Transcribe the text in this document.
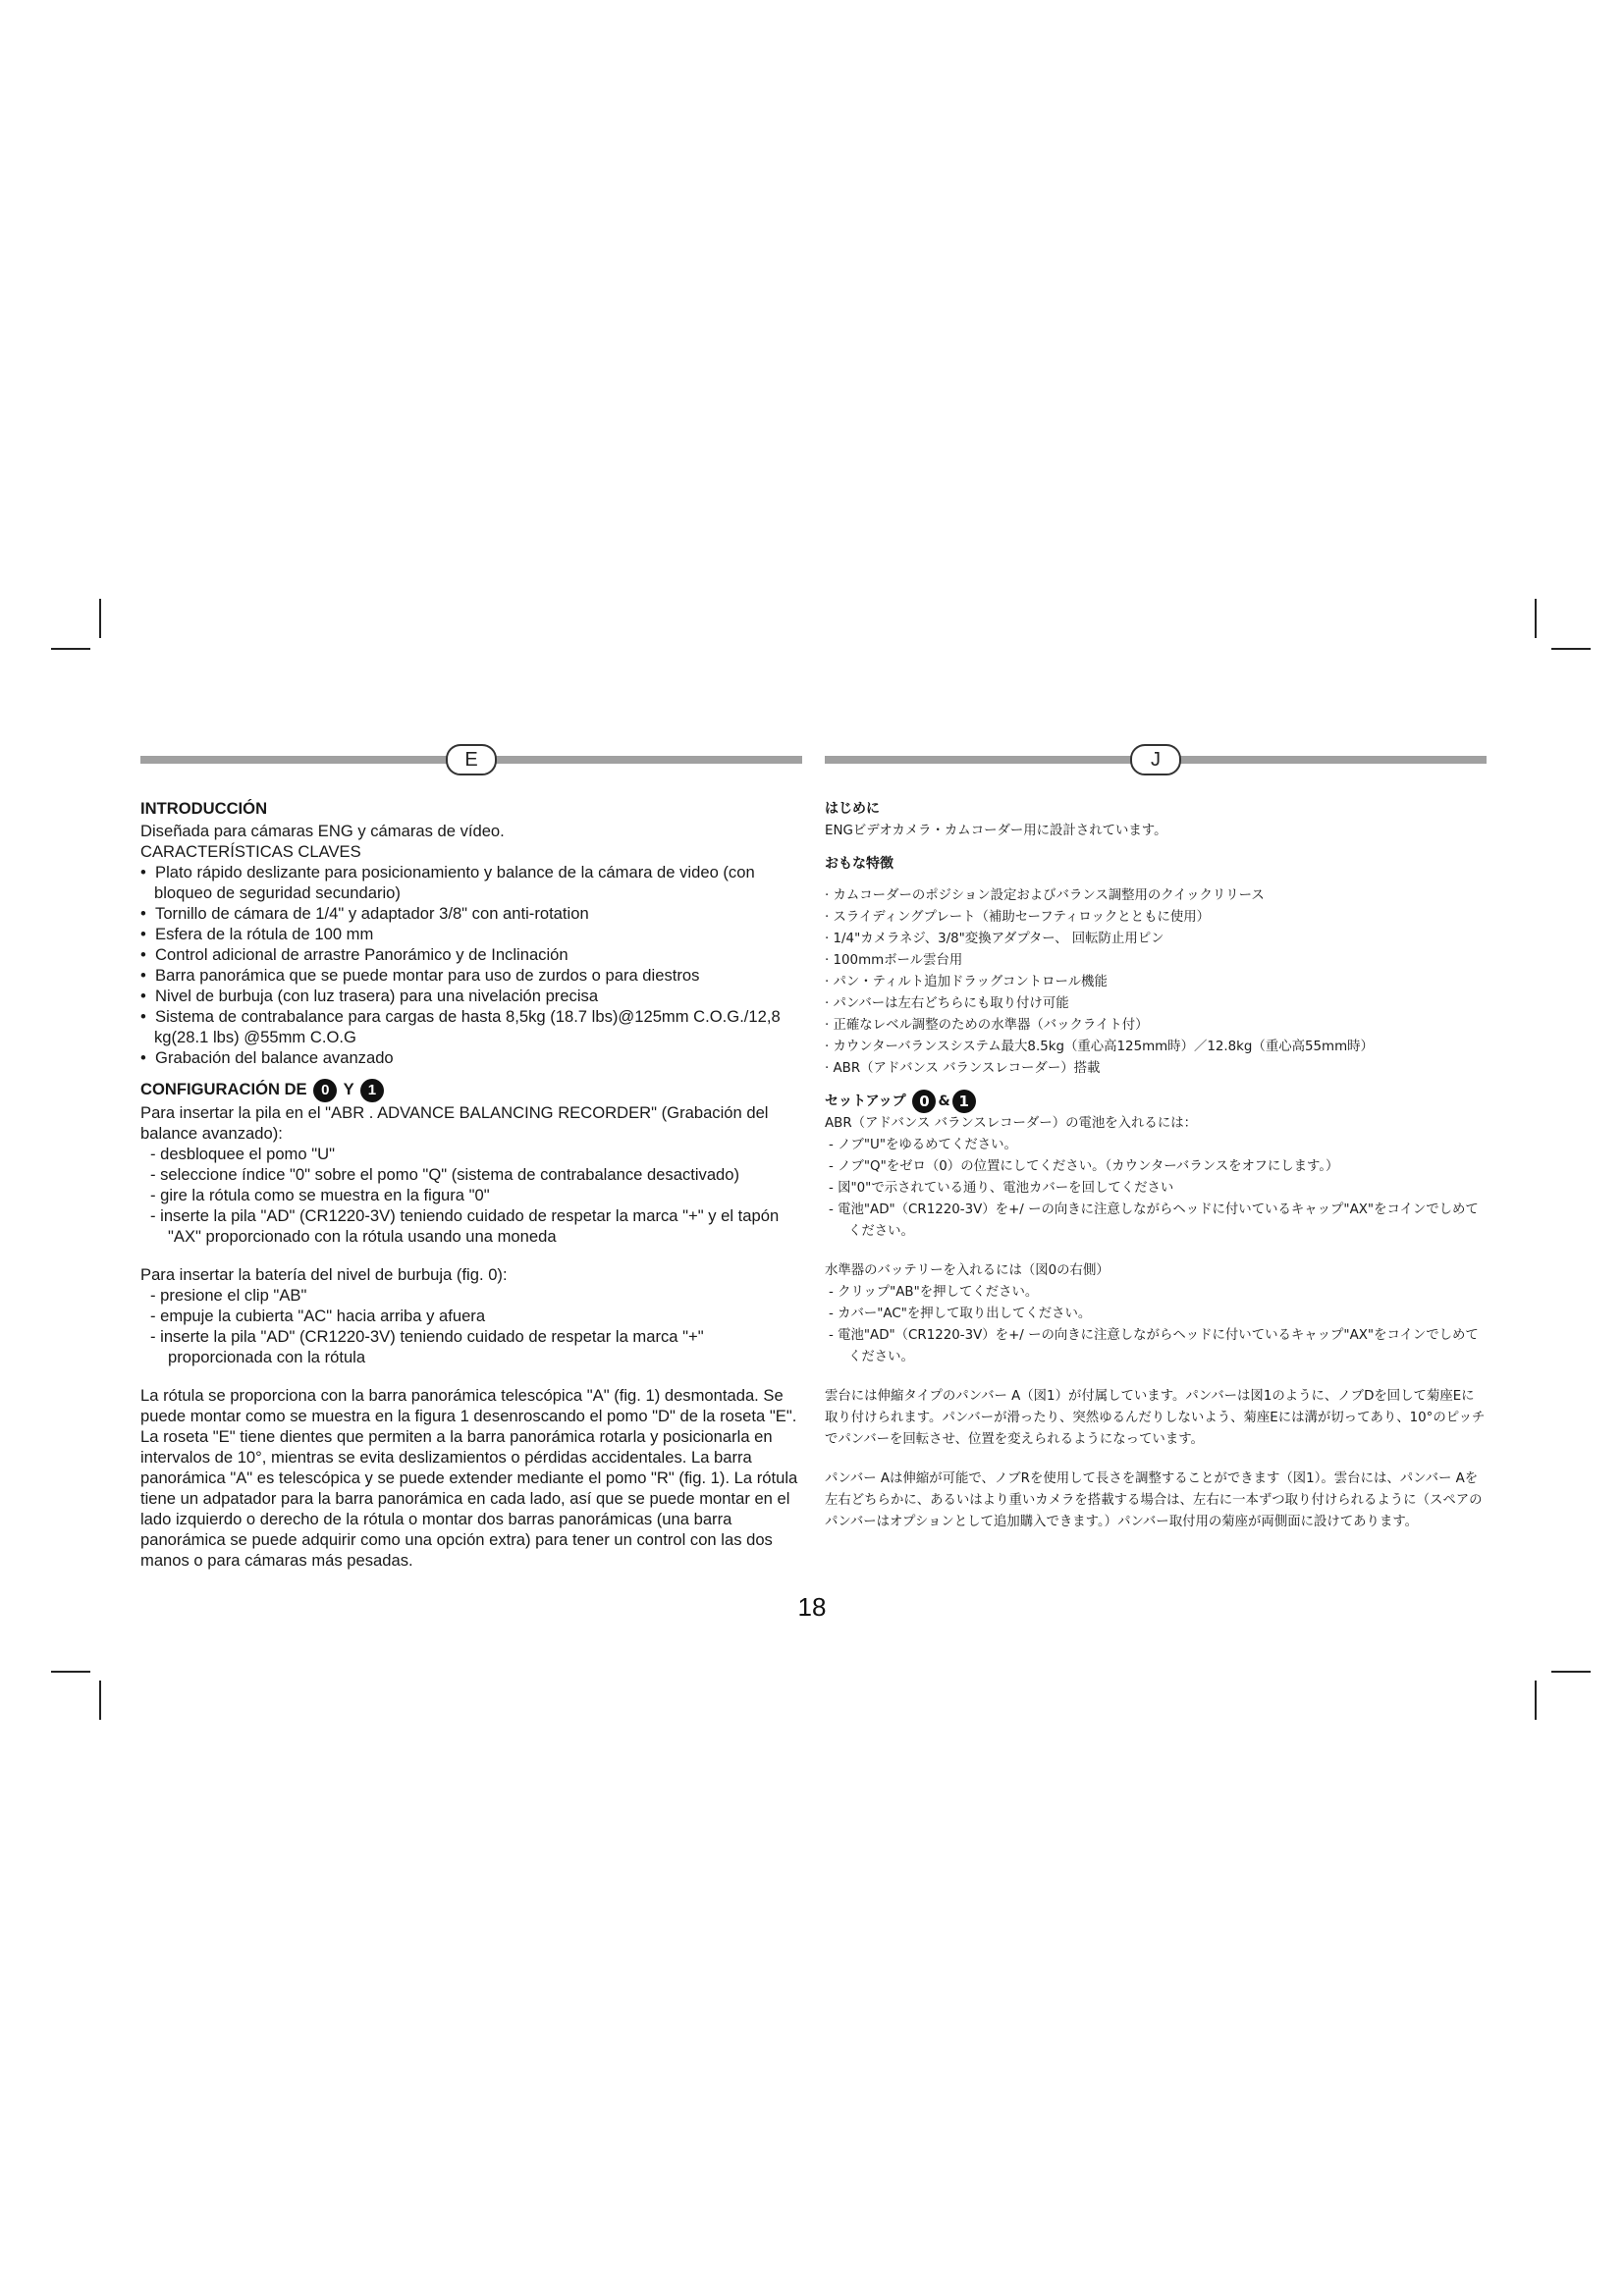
E
INTRODUCCIÓN

Diseñada para cámaras ENG y cámaras de vídeo.

CARACTERÍSTICAS CLAVES

•  Plato rápido deslizante para posicionamiento y balance de la cámara de video (con bloqueo de seguridad secundario)
•  Tornillo de cámara de 1/4" y adaptador 3/8" con anti-rotation
•  Esfera de la rótula de 100 mm
•  Control adicional de arrastre Panorámico y de Inclinación
•  Barra panorámica que se puede montar para uso de zurdos o para diestros
•  Nivel de burbuja (con luz trasera) para una nivelación precisa
•  Sistema de contrabalance para cargas de hasta 8,5kg (18.7 lbs)@125mm C.O.G./12,8 kg(28.1 lbs) @55mm C.O.G
•  Grabación del balance avanzado
CONFIGURACIÓN DE 0 Y 1

Para insertar la pila en el "ABR . ADVANCE BALANCING RECORDER" (Grabación del balance avanzado):

- desbloquee el pomo "U"
- seleccione índice "0" sobre el pomo "Q" (sistema de contrabalance desactivado)
- gire la rótula como se muestra en la figura "0"
- inserte la pila "AD" (CR1220-3V) teniendo cuidado de respetar la marca "+" y el tapón "AX" proporcionado con la rótula usando una moneda

Para insertar la batería del nivel de burbuja (fig. 0):

- presione el clip "AB"
- empuje la cubierta "AC" hacia arriba y afuera
- inserte la pila "AD" (CR1220-3V) teniendo cuidado de respetar la marca "+" proporcionada con la rótula

La rótula se proporciona con la barra panorámica telescópica "A" (fig. 1) desmontada. Se puede montar como se muestra en la figura 1 desenroscando el pomo "D" de la roseta "E". La roseta "E" tiene dientes que permiten a la barra panorámica rotarla y posicionarla en intervalos de 10°, mientras se evita deslizamientos o pérdidas accidentales. La barra panorámica "A" es telescópica y se puede extender mediante el pomo "R" (fig. 1). La rótula tiene un adpatador para la barra panorámica en cada lado, así que se puede montar en el lado izquierdo o derecho de la rótula o montar dos barras panorámicas (una barra panorámica se puede adquirir como una opción extra) para tener un control con las dos manos o para cámaras más pesadas.

J
はじめに

ENGビデオカメラ・カムコーダー用に設計されています。

おもな特徴
· カムコーダーのポジション設定およびバランス調整用のクイックリリース
· スライディングプレート（補助セーフティロックとともに使用）
· 1/4"カメラネジ、3/8"変換アダプター、 回転防止用ピン
· 100mmボール雲台用
· パン・ティルト追加ドラッグコントロール機能
· パンバーは左右どちらにも取り付け可能
· 正確なレベル調整のための水準器（バックライト付）
· カウンターバランスシステム最大8.5kg（重心高125mm時）／12.8kg（重心高55mm時）
· ABR（アドバンス バランスレコーダー）搭載
セットアップ 0 & 1

ABR（アドバンス バランスレコーダー）の電池を入れるには：

- ノブ"U"をゆるめてください。
- ノブ"Q"をゼロ（0）の位置にしてください。（カウンターバランスをオフにします。）
- 図"0"で示されている通り、電池カバーを回してください
- 電池"AD"（CR1220-3V）を+/ ーの向きに注意しながらヘッドに付いているキャップ"AX"をコインでしめてください。

水準器のバッテリーを入れるには（図0の右側）

- クリップ"AB"を押してください。
- カバー"AC"を押して取り出してください。
- 電池"AD"（CR1220-3V）を+/ ーの向きに注意しながらヘッドに付いているキャップ"AX"をコインでしめてください。

雲台には伸縮タイプのパンバー A（図1）が付属しています。パンバーは図1のように、ノブDを回して菊座Eに取り付けられます。パンバーが滑ったり、突然ゆるんだりしないよう、菊座Eには溝が切ってあり、10°のピッチでパンバーを回転させ、位置を変えられるようになっています。

パンバー Aは伸縮が可能で、ノブRを使用して長さを調整することができます（図1）。雲台には、パンバー Aを左右どちらかに、あるいはより重いカメラを搭載する場合は、左右に一本ずつ取り付けられるように（スペアのパンバーはオプションとして追加購入できます。）パンバー取付用の菊座が両側面に設けてあります。

18
